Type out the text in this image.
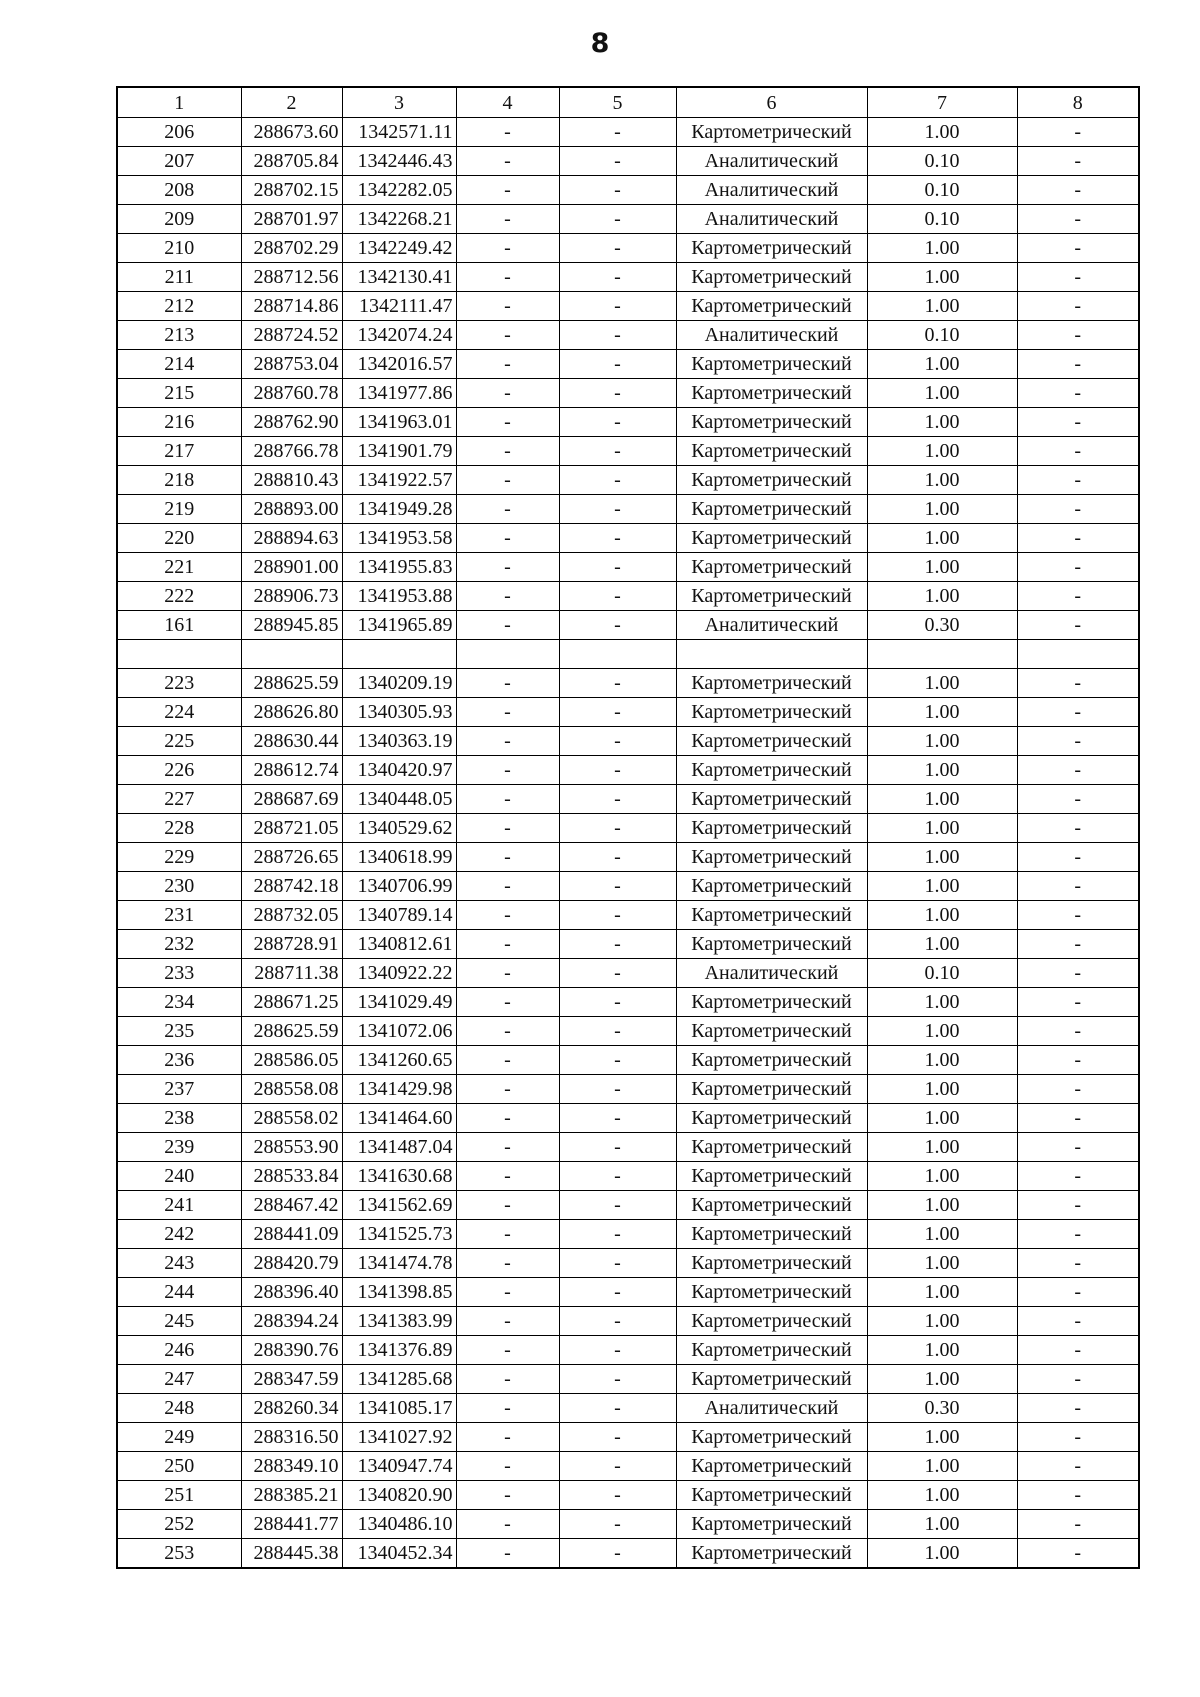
8
1	2	3	4	5	6	7	8
206	288673.60	1342571.11	-	-	Картометрический	1.00	-
207	288705.84	1342446.43	-	-	Аналитический	0.10	-
208	288702.15	1342282.05	-	-	Аналитический	0.10	-
209	288701.97	1342268.21	-	-	Аналитический	0.10	-
210	288702.29	1342249.42	-	-	Картометрический	1.00	-
211	288712.56	1342130.41	-	-	Картометрический	1.00	-
212	288714.86	1342111.47	-	-	Картометрический	1.00	-
213	288724.52	1342074.24	-	-	Аналитический	0.10	-
214	288753.04	1342016.57	-	-	Картометрический	1.00	-
215	288760.78	1341977.86	-	-	Картометрический	1.00	-
216	288762.90	1341963.01	-	-	Картометрический	1.00	-
217	288766.78	1341901.79	-	-	Картометрический	1.00	-
218	288810.43	1341922.57	-	-	Картометрический	1.00	-
219	288893.00	1341949.28	-	-	Картометрический	1.00	-
220	288894.63	1341953.58	-	-	Картометрический	1.00	-
221	288901.00	1341955.83	-	-	Картометрический	1.00	-
222	288906.73	1341953.88	-	-	Картометрический	1.00	-
161	288945.85	1341965.89	-	-	Аналитический	0.30	-

223	288625.59	1340209.19	-	-	Картометрический	1.00	-
224	288626.80	1340305.93	-	-	Картометрический	1.00	-
225	288630.44	1340363.19	-	-	Картометрический	1.00	-
226	288612.74	1340420.97	-	-	Картометрический	1.00	-
227	288687.69	1340448.05	-	-	Картометрический	1.00	-
228	288721.05	1340529.62	-	-	Картометрический	1.00	-
229	288726.65	1340618.99	-	-	Картометрический	1.00	-
230	288742.18	1340706.99	-	-	Картометрический	1.00	-
231	288732.05	1340789.14	-	-	Картометрический	1.00	-
232	288728.91	1340812.61	-	-	Картометрический	1.00	-
233	288711.38	1340922.22	-	-	Аналитический	0.10	-
234	288671.25	1341029.49	-	-	Картометрический	1.00	-
235	288625.59	1341072.06	-	-	Картометрический	1.00	-
236	288586.05	1341260.65	-	-	Картометрический	1.00	-
237	288558.08	1341429.98	-	-	Картометрический	1.00	-
238	288558.02	1341464.60	-	-	Картометрический	1.00	-
239	288553.90	1341487.04	-	-	Картометрический	1.00	-
240	288533.84	1341630.68	-	-	Картометрический	1.00	-
241	288467.42	1341562.69	-	-	Картометрический	1.00	-
242	288441.09	1341525.73	-	-	Картометрический	1.00	-
243	288420.79	1341474.78	-	-	Картометрический	1.00	-
244	288396.40	1341398.85	-	-	Картометрический	1.00	-
245	288394.24	1341383.99	-	-	Картометрический	1.00	-
246	288390.76	1341376.89	-	-	Картометрический	1.00	-
247	288347.59	1341285.68	-	-	Картометрический	1.00	-
248	288260.34	1341085.17	-	-	Аналитический	0.30	-
249	288316.50	1341027.92	-	-	Картометрический	1.00	-
250	288349.10	1340947.74	-	-	Картометрический	1.00	-
251	288385.21	1340820.90	-	-	Картометрический	1.00	-
252	288441.77	1340486.10	-	-	Картометрический	1.00	-
253	288445.38	1340452.34	-	-	Картометрический	1.00	-
